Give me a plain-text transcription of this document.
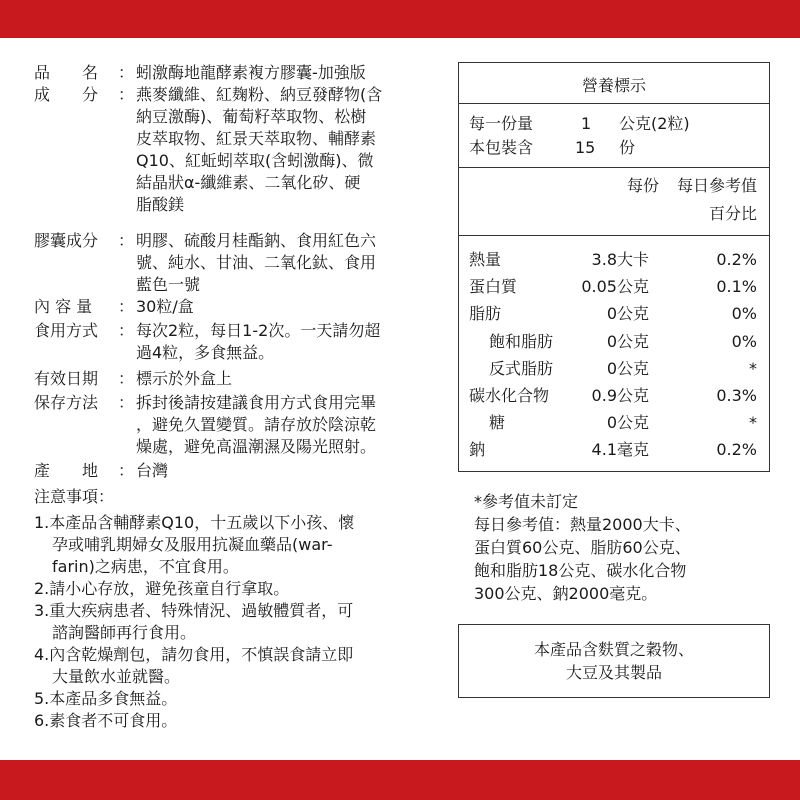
品　　名 ： 蚓激酶地龍酵素複方膠囊-加強版
成　　分 ： 燕麥纖維、紅麹粉、納豆發酵物(含
納豆激酶)、葡萄籽萃取物、松樹
皮萃取物、紅景天萃取物、輔酵素
Q10、紅蚯蚓萃取(含蚓激酶)、微
結晶狀α-纖維素、二氧化矽、硬
脂酸鎂
膠囊成分 ： 明膠、硫酸月桂酯鈉、食用紅色六
號、純水、甘油、二氧化鈦、食用
藍色一號
內 容 量 ： 30粒/盒
食用方式 ： 每次2粒，每日1-2次。一天請勿超
過4粒，多食無益。
有效日期 ： 標示於外盒上
保存方法 ： 拆封後請按建議食用方式食用完畢
，避免久置變質。請存放於陰涼乾
燥處，避免高溫潮濕及陽光照射。
產　　地 ： 台灣
注意事項：
1.本產品含輔酵素Q10，十五歲以下小孩、懷
孕或哺乳期婦女及服用抗凝血藥品(war-
farin)之病患，不宜食用。
2.請小心存放，避免孩童自行拿取。
3.重大疾病患者、特殊情況、過敏體質者，可
諮詢醫師再行食用。
4.內含乾燥劑包，請勿食用，不慎誤食請立即
大量飲水並就醫。
5.本產品多食無益。
6.素食者不可食用。
營養標示
每一份量	1 公克(2粒)
本包裝含	15 份
每份 每日參考值
百分比
熱量	3.8大卡	0.2%
蛋白質	0.05公克	0.1%
脂肪	0公克	0%
飽和脂肪	0公克	0%
反式脂肪	0公克	*
碳水化合物	0.9公克	0.3%
糖	0公克	*
鈉	4.1毫克	0.2%
*參考值未訂定
每日參考值：熱量2000大卡、
蛋白質60公克、脂肪60公克、
飽和脂肪18公克、碳水化合物
300公克、鈉2000毫克。
本產品含麩質之穀物、
大豆及其製品
